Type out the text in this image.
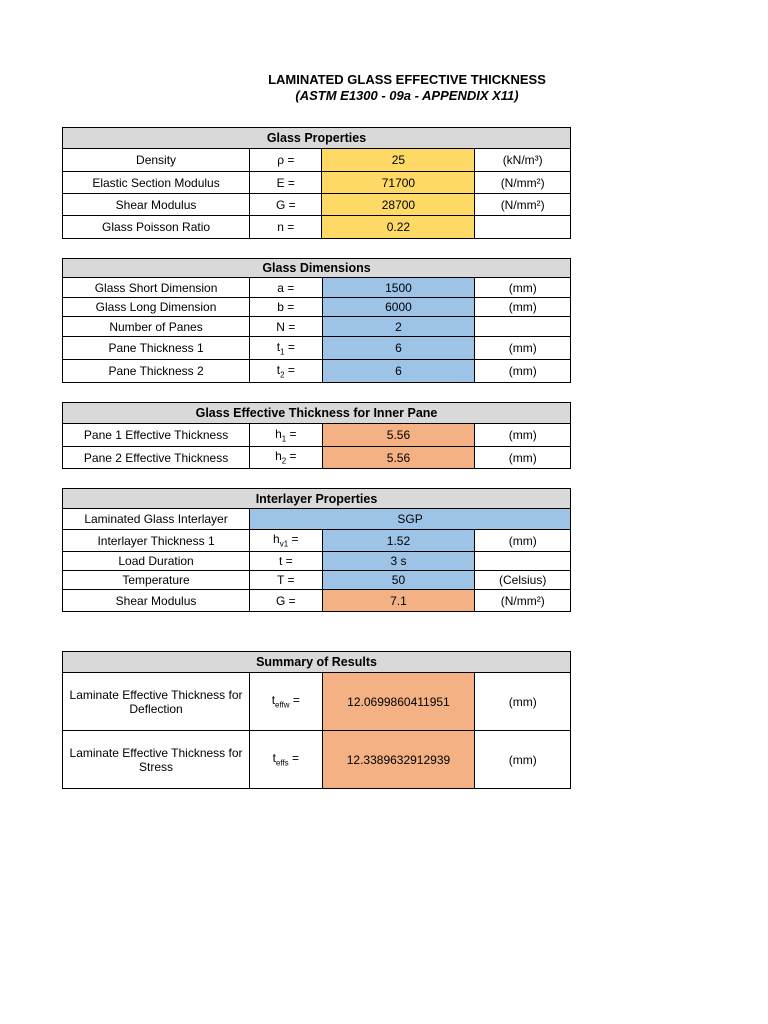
LAMINATED GLASS EFFECTIVE THICKNESS
(ASTM E1300 - 09a - APPENDIX X11)
Glass Properties			
Density	ρ =	25	(kN/m³)
Elastic Section Modulus	E =	71700	(N/mm²)
Shear Modulus	G =	28700	(N/mm²)
Glass Poisson Ratio	n =	0.22	
Glass Dimensions			
Glass Short Dimension	a =	1500	(mm)
Glass Long Dimension	b =	6000	(mm)
Number of Panes	N =	2	
Pane Thickness 1	$t_1$ =	6	(mm)
Pane Thickness 2	$t_2$ =	6	(mm)
Glass Effective Thickness for Inner Pane			
Pane 1 Effective Thickness	$h_1$ =	5.56	(mm)
Pane 2 Effective Thickness	$h_2$ =	5.56	(mm)
Interlayer Properties			
Laminated Glass Interlayer	SGP		
Interlayer Thickness 1	$h_{v1}$ =	1.52	(mm)
Load Duration	t =	3 s	
Temperature	T =	50	(Celsius)
Shear Modulus	G =	7.1	(N/mm²)
Summary of Results			
Laminate Effective Thickness for Deflection	$t_{effw}$ =	12.0699860411951	(mm)
Laminate Effective Thickness for Stress	$t_{effs}$ =	12.3389632912939	(mm)
